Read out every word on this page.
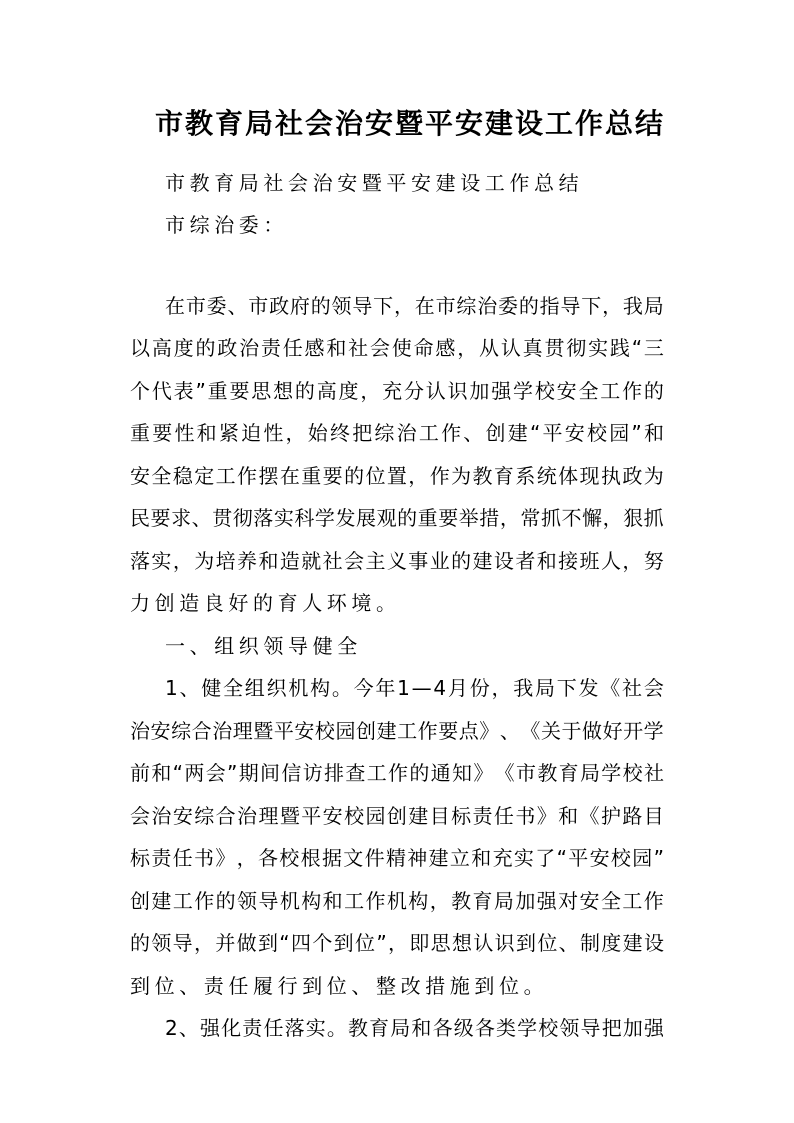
市教育局社会治安暨平安建设工作总结
市教育局社会治安暨平安建设工作总结
市综治委：
在 市 委 、 市 政 府 的 领 导 下 ， 在 市 综 治 委 的 指 导 下 ， 我 局
以 高 度 的 政 治 责 任 感 和 社 会 使 命 感 ， 从 认 真 贯 彻 实 践 “ 三
个 代 表 ” 重 要 思 想 的 高 度 ， 充 分 认 识 加 强 学 校 安 全 工 作 的
重 要 性 和 紧 迫 性 ， 始 终 把 综 治 工 作 、 创 建 “ 平 安 校 园 ” 和
安 全 稳 定 工 作 摆 在 重 要 的 位 置 ， 作 为 教 育 系 统 体 现 执 政 为
民 要 求 、 贯 彻 落 实 科 学 发 展 观 的 重 要 举 措 ， 常 抓 不 懈 ， 狠 抓
落 实 ， 为 培 养 和 造 就 社 会 主 义 事 业 的 建 设 者 和 接 班 人 ， 努
力创造良好的育人环境。
一、组织领导健全
1 、 健 全 组 织 机 构 。 今 年 1 — 4 月 份 ， 我 局 下 发 《 社 会
治 安 综 合 治 理 暨 平 安 校 园 创 建 工 作 要 点 》 、 《 关 于 做 好 开 学
前 和 “ 两 会 ” 期 间 信 访 排 查 工 作 的 通 知 》 《 市 教 育 局 学 校 社
会 治 安 综 合 治 理 暨 平 安 校 园 创 建 目 标 责 任 书 》 和 《 护 路 目
标 责 任 书 》 ， 各 校 根 据 文 件 精 神 建 立 和 充 实 了 “ 平 安 校 园 ”
创 建 工 作 的 领 导 机 构 和 工 作 机 构 ， 教 育 局 加 强 对 安 全 工 作
的 领 导 ， 并 做 到 “ 四 个 到 位 ” ， 即 思 想 认 识 到 位 、 制 度 建 设
到位、责任履行到位、整改措施到位。
2 、 强 化 责 任 落 实 。 教 育 局 和 各 级 各 类 学 校 领 导 把 加 强
